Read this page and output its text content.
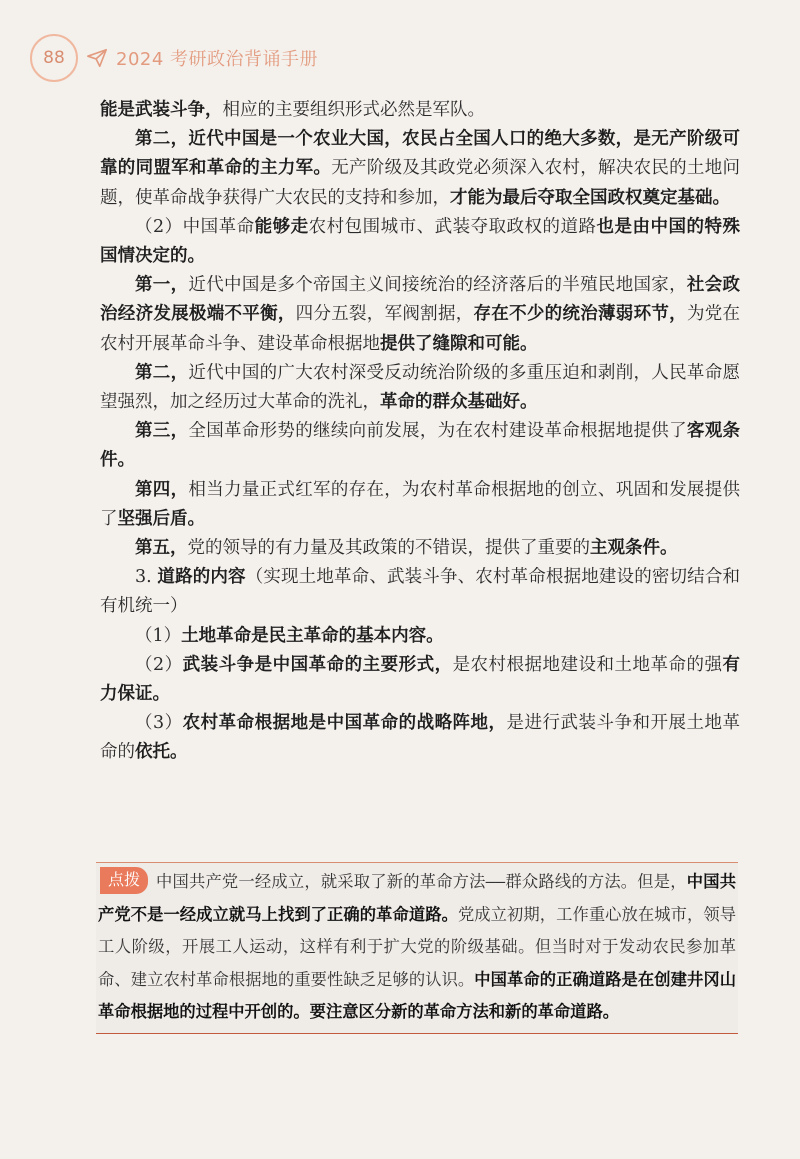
88	2024 考研政治背诵手册

能是武装斗争，相应的主要组织形式必然是军队。

第二，近代中国是一个农业大国，农民占全国人口的绝大多数，是无产阶级可靠的同盟军和革命的主力军。无产阶级及其政党必须深入农村，解决农民的土地问题，使革命战争获得广大农民的支持和参加，才能为最后夺取全国政权奠定基础。

（2）中国革命能够走农村包围城市、武装夺取政权的道路也是由中国的特殊国情决定的。

第一，近代中国是多个帝国主义间接统治的经济落后的半殖民地国家，社会政治经济发展极端不平衡，四分五裂，军阀割据，存在不少的统治薄弱环节，为党在农村开展革命斗争、建设革命根据地提供了缝隙和可能。

第二，近代中国的广大农村深受反动统治阶级的多重压迫和剥削，人民革命愿望强烈，加之经历过大革命的洗礼，革命的群众基础好。

第三，全国革命形势的继续向前发展，为在农村建设革命根据地提供了客观条件。

第四，相当力量正式红军的存在，为农村革命根据地的创立、巩固和发展提供了坚强后盾。

第五，党的领导的有力量及其政策的不错误，提供了重要的主观条件。

3. 道路的内容（实现土地革命、武装斗争、农村革命根据地建设的密切结合和有机统一）

（1）土地革命是民主革命的基本内容。

（2）武装斗争是中国革命的主要形式，是农村根据地建设和土地革命的强有力保证。

（3）农村革命根据地是中国革命的战略阵地，是进行武装斗争和开展土地革命的依托。

点拨 中国共产党一经成立，就采取了新的革命方法——群众路线的方法。但是，中国共产党不是一经成立就马上找到了正确的革命道路。党成立初期，工作重心放在城市，领导工人阶级，开展工人运动，这样有利于扩大党的阶级基础。但当时对于发动农民参加革命、建立农村革命根据地的重要性缺乏足够的认识。中国革命的正确道路是在创建井冈山革命根据地的过程中开创的。要注意区分新的革命方法和新的革命道路。
